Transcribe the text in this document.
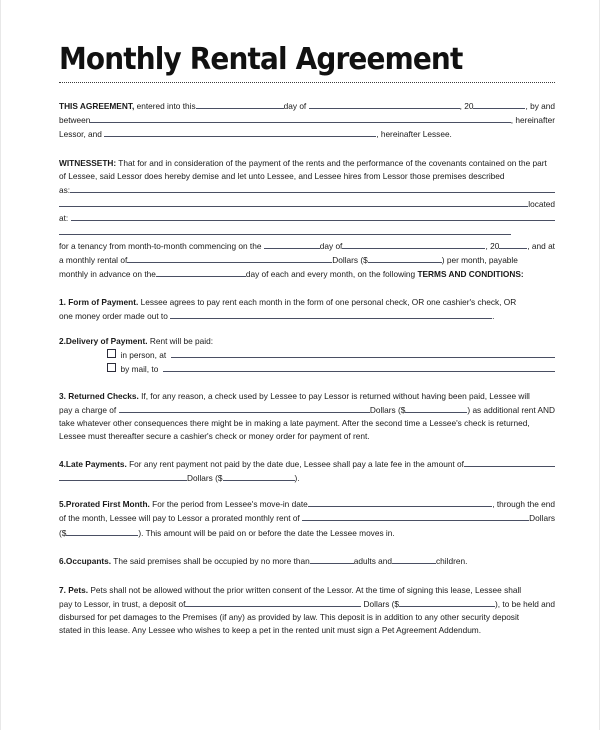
Monthly Rental Agreement
THIS AGREEMENT, entered into this	day of	, 20	, by and
between	, hereinafter
Lessor, and	, hereinafter Lessee.

WITNESSETH: That for and in consideration of the payment of the rents and the performance of the covenants contained on the part of Lessee, said Lessor does hereby demise and let unto Lessee, and Lessee hires from Lessor those premises described

as:
located
at:
for a tenancy from month-to-month commencing on the	day of	, 20	, and at
a monthly rental of	Dollars ($	) per month, payable
monthly in advance on the	day of each and every month, on the following TERMS AND CONDITIONS:

1. Form of Payment. Lessee agrees to pay rent each month in the form of one personal check, OR one cashier's check, OR

one money order made out to	.

2.Delivery of Payment. Rent will be paid:

in person, at
by mail, to

3. Returned Checks. If, for any reason, a check used by Lessee to pay Lessor is returned without having been paid, Lessee will

pay a charge of	Dollars ($	) as additional rent AND

take whatever other consequences there might be in making a late payment. After the second time a Lessee's check is returned,

Lessee must thereafter secure a cashier's check or money order for payment of rent.

4. Late Payments. For any rent payment not paid by the date due, Lessee shall pay a late fee in the amount of
Dollars ($	).
5. Prorated First Month. For the period from Lessee's move-in date	, through the end
of the month, Lessee will pay to Lessor a prorated monthly rent of	Dollars
($	). This amount will be paid on or before the date the Lessee moves in.
6. Occupants. The said premises shall be occupied by no more than	adults and	children.

7. Pets. Pets shall not be allowed without the prior written consent of the Lessor. At the time of signing this lease, Lessee shall

pay to Lessor, in trust, a deposit of	Dollars ($	), to be held and

disbursed for pet damages to the Premises (if any) as provided by law. This deposit is in addition to any other security deposit

stated in this lease. Any Lessee who wishes to keep a pet in the rented unit must sign a Pet Agreement Addendum.
